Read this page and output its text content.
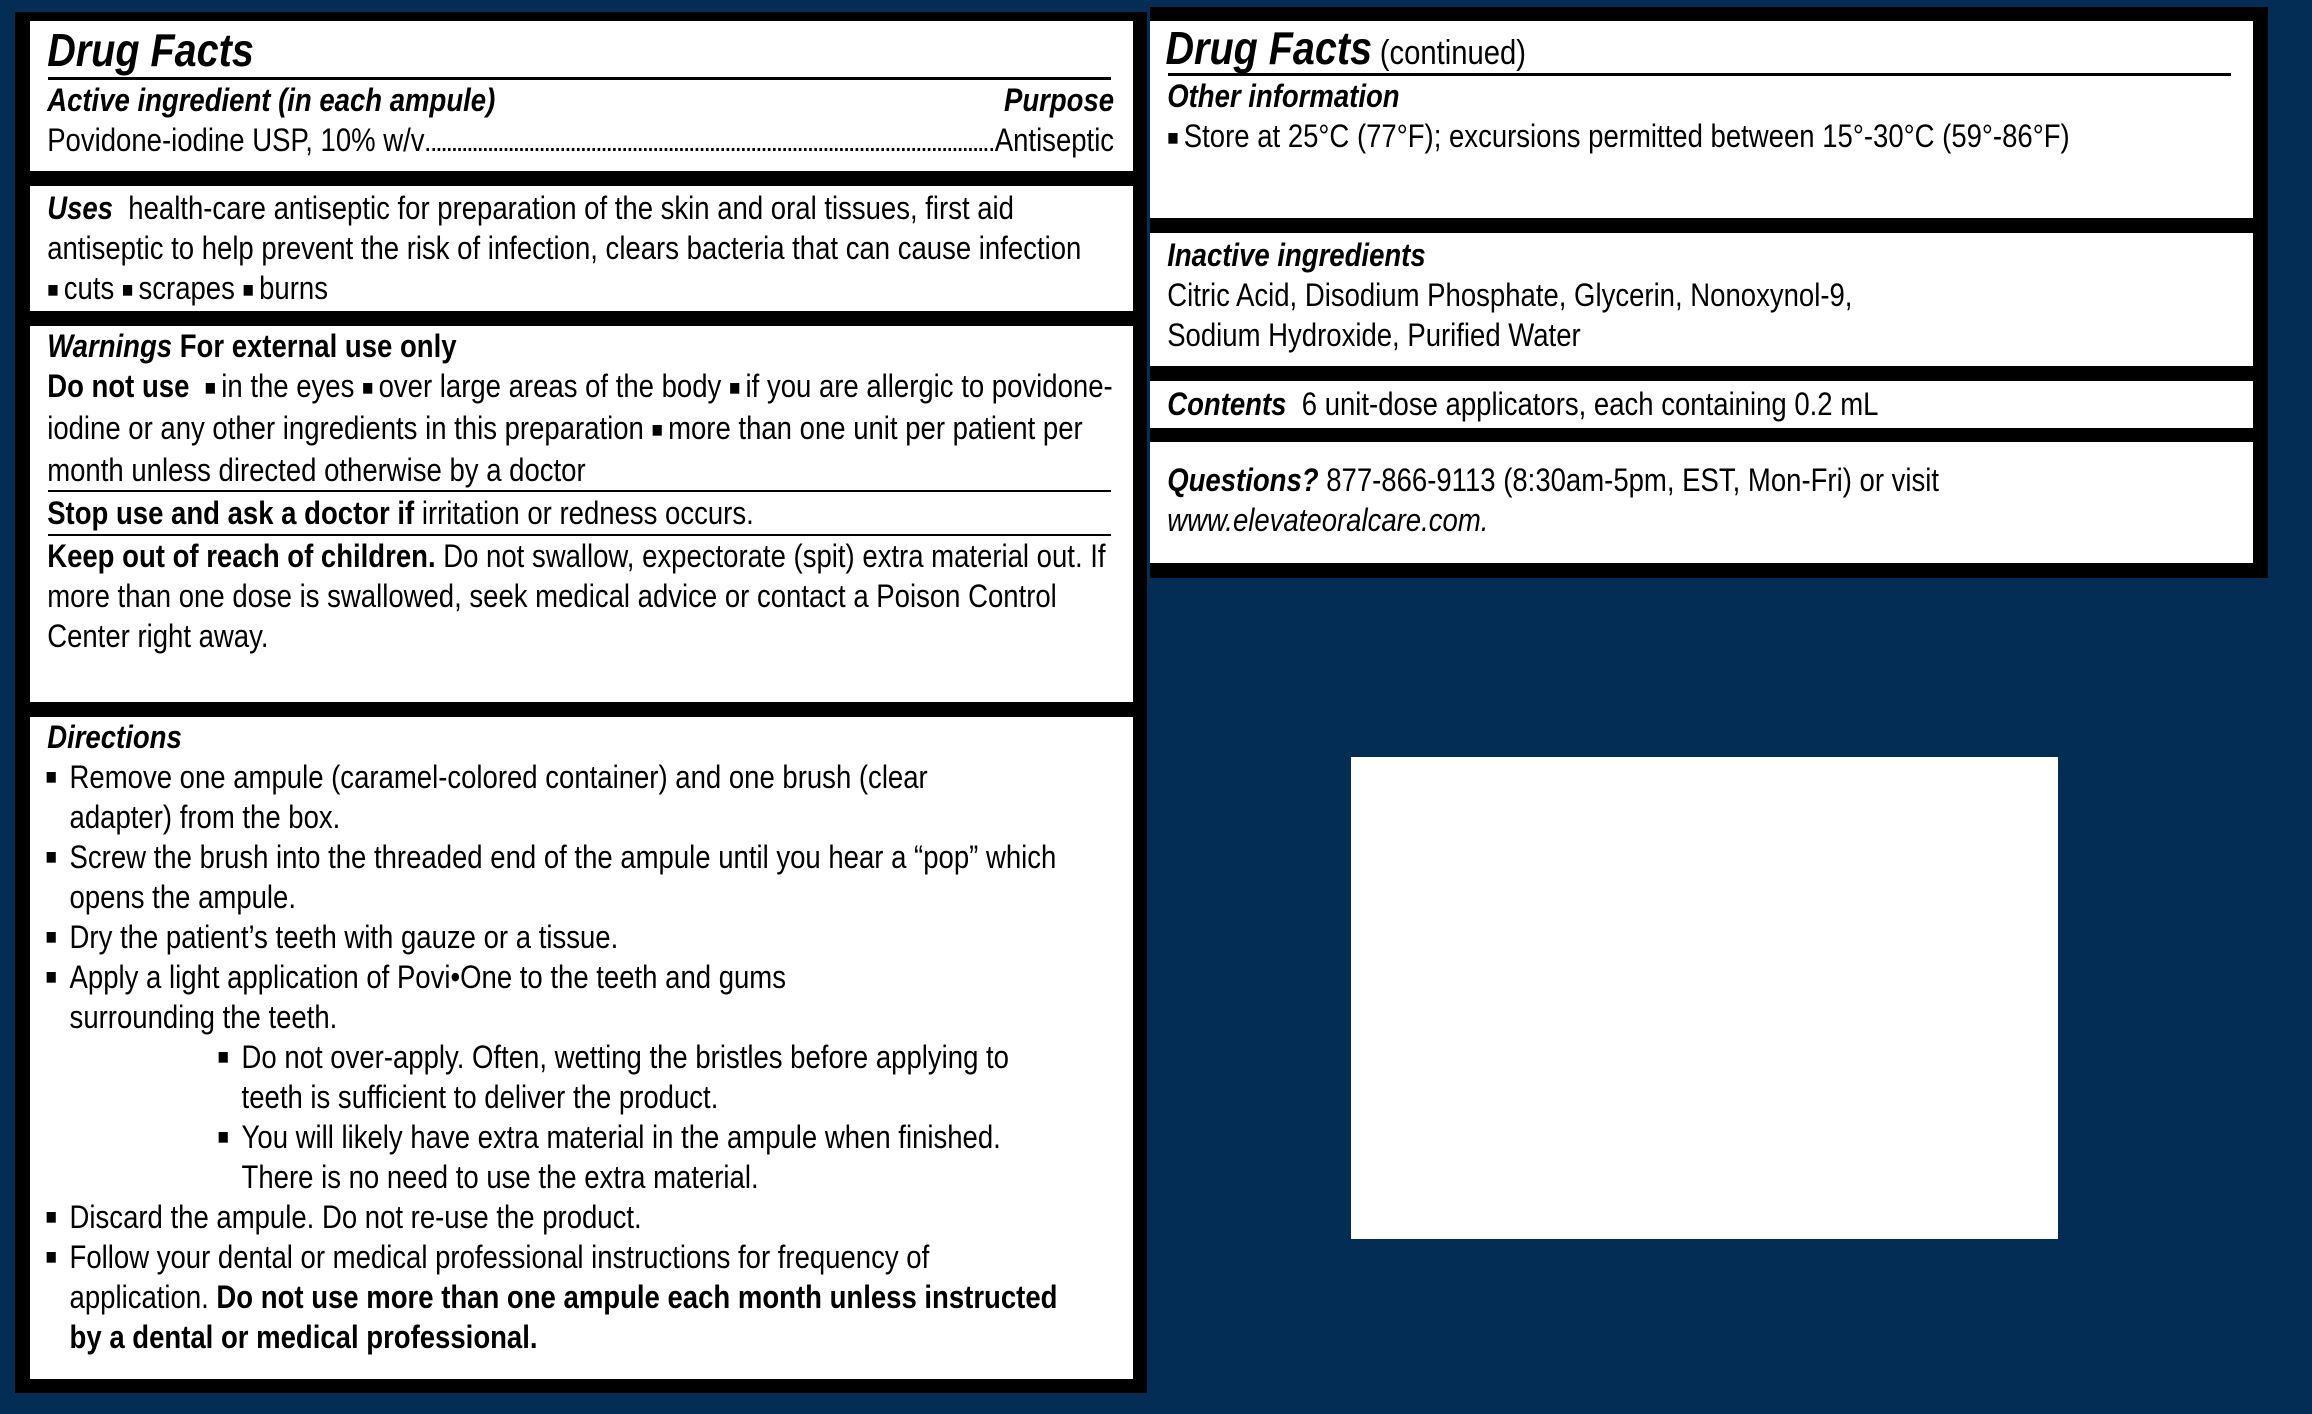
Drug Facts
Active ingredient (in each ampule)	Purpose
Povidone-iodine USP, 10% w/v	Antiseptic
Uses health-care antiseptic for preparation of the skin and oral tissues, first aid antiseptic to help prevent the risk of infection, clears bacteria that can cause infection ■ cuts ■ scrapes ■ burns
Warnings For external use only
Do not use ■ in the eyes ■ over large areas of the body ■ if you are allergic to povidone-iodine or any other ingredients in this preparation ■ more than one unit per patient per month unless directed otherwise by a doctor
Stop use and ask a doctor if irritation or redness occurs.
Keep out of reach of children. Do not swallow, expectorate (spit) extra material out. If more than one dose is swallowed, seek medical advice or contact a Poison Control Center right away.
Directions
■ Remove one ampule (caramel-colored container) and one brush (clear adapter) from the box.
■ Screw the brush into the threaded end of the ampule until you hear a “pop” which opens the ampule.
■ Dry the patient’s teeth with gauze or a tissue.
■ Apply a light application of Povi•One to the teeth and gums surrounding the teeth.
■ Do not over-apply. Often, wetting the bristles before applying to teeth is sufficient to deliver the product.
■ You will likely have extra material in the ampule when finished. There is no need to use the extra material.
■ Discard the ampule. Do not re-use the product.
■ Follow your dental or medical professional instructions for frequency of application. Do not use more than one ampule each month unless instructed by a dental or medical professional.
Drug Facts (continued)
Other information
■ Store at 25°C (77°F); excursions permitted between 15°-30°C (59°-86°F)
Inactive ingredients
Citric Acid, Disodium Phosphate, Glycerin, Nonoxynol-9,
Sodium Hydroxide, Purified Water
Contents 6 unit-dose applicators, each containing 0.2 mL
Questions? 877-866-9113 (8:30am-5pm, EST, Mon-Fri) or visit
www.elevateoralcare.com.
